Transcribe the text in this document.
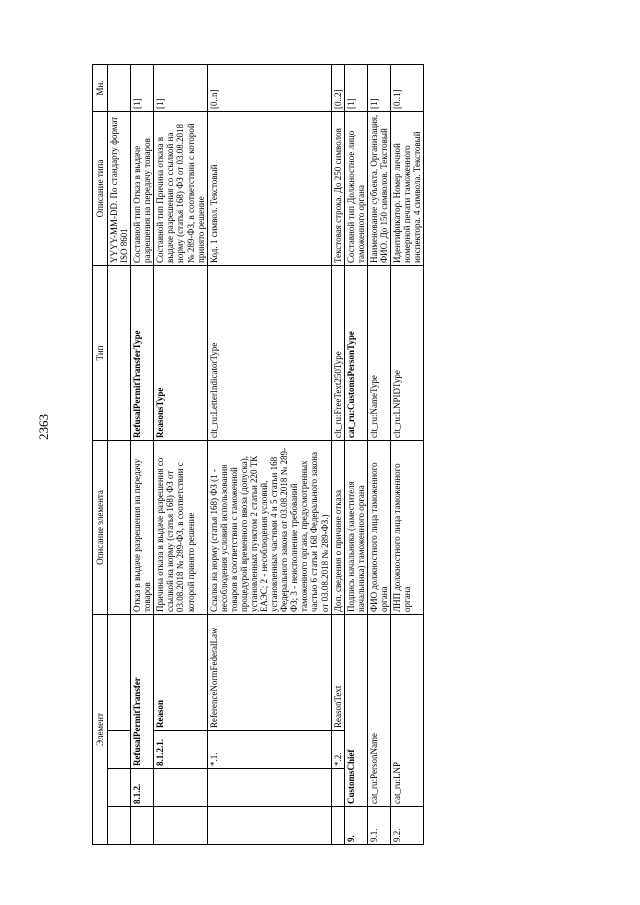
2363
Элемент				Описание элемента	Тип	Описание типа	Мн.
						YYYY-MM-DD. По стандарту формат ISO 8601	
	8.1.2.	RefusalPermitTransfer		Отказ в выдаче разрешения на передачу товаров	RefusalPermitTransferType	Составной тип Отказ в выдаче разрешения на передачу товаров	[1]
		8.1.2.1.	Reason	Причина отказа в выдаче разрешения со ссылкой на норму (статья 168) ФЗ от 03.08.2018 № 289-ФЗ, в соответствии с которой принято решение	ReasonsType	Составной тип Причина отказа в выдаче разрешения со ссылкой на норму (статья 168) ФЗ от 03.08.2018 № 289-ФЗ, в соответствии с которой принято решение	[1]
		*.1.	ReferenceNormFederalLaw	Ссылка на норму (статья 168) ФЗ (1 - несоблюдения условий использования товаров в соответствии с таможенной процедурой временного ввоза (допуска), установленных пунктом 2 статьи 220 ТК ЕАЭС; 2 - несоблюдения условий, установленных частями 4 и 5 статьи 168 Федерального закона от 03.08.2018 № 289-ФЗ; 3 - неисполнение требований таможенного органа, предусмотренных частью 6 статьи 168 Федерального закона от 03.08.2018 № 289-ФЗ.)	clt_ru:LetterIndicatorType	Код. 1 символ. Текстовый	[0..n]
		*.2.	ReasonText	Доп. сведения о причине отказа	clt_ru:FreeText250Type	Текстовая строка. До 250 символов	[0..2]
9.	CustomsChief			Подпись начальника (заместителя начальника) таможенного органа	cat_ru:CustomsPersonType	Составной тип Должностное лицо таможенного органа	[1]
9.1.	cat_ru:PersonName			ФИО должностного лица таможенного органа	clt_ru:NameType	Наименование субъекта. Организация, ФИО. До 150 символов. Текстовый	[1]
9.2.	cat_ru:LNP			ЛНП должностного лица таможенного органа	clt_ru:LNPIDType	Идентификатор. Номер личной номерной печати таможенного инспектора. 4 символа. Текстовый	[0..1]
